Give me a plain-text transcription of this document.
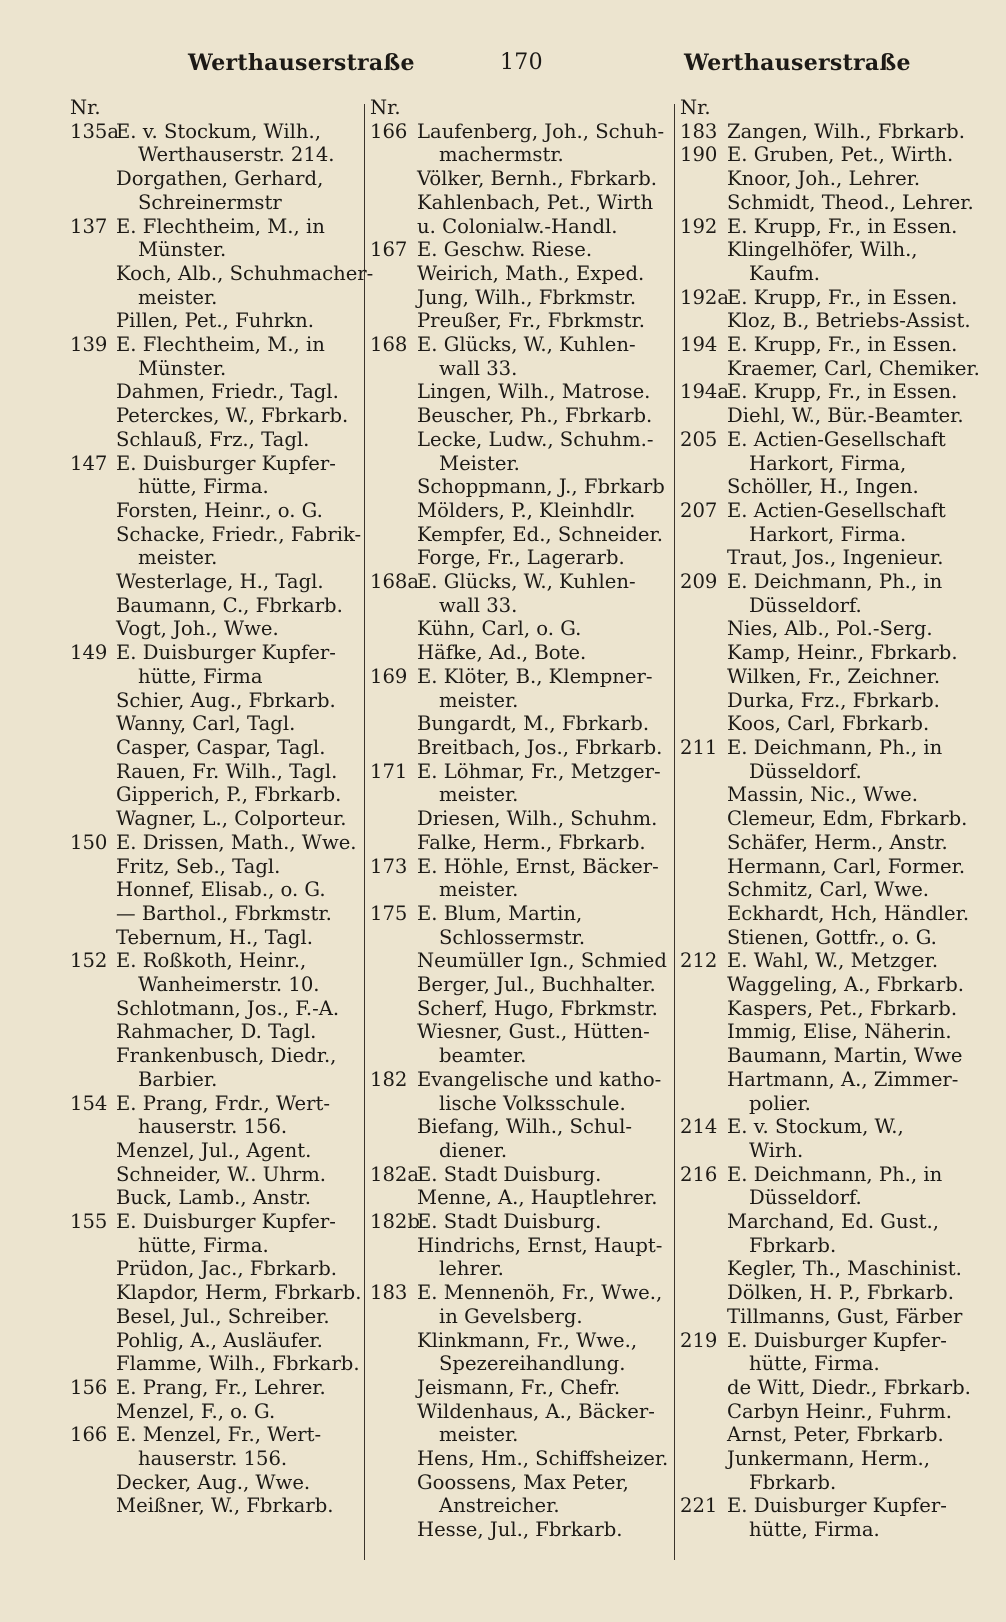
Werthauserstraße	170	Werthauserstraße
Nr.
135a
E. v. Stockum, Wilh.,
Werthauserstr. 214.
Dorgathen, Gerhard,
Schreinermstr
137 E. Flechtheim, M., in
Münster.
Koch, Alb., Schuhmacher-
meister.
Pillen, Pet., Fuhrkn.
139 E. Flechtheim, M., in
Münster.
Dahmen, Friedr., Tagl.
Peterckes, W., Fbrkarb.
Schlauß, Frz., Tagl.
147 E. Duisburger Kupfer-
hütte, Firma.
Forsten, Heinr., o. G.
Schacke, Friedr., Fabrik-
meister.
Westerlage, H., Tagl.
Baumann, C., Fbrkarb.
Vogt, Joh., Wwe.
149 E. Duisburger Kupfer-
hütte, Firma
Schier, Aug., Fbrkarb.
Wanny, Carl, Tagl.
Casper, Caspar, Tagl.
Rauen, Fr. Wilh., Tagl.
Gipperich, P., Fbrkarb.
Wagner, L., Colporteur.
150 E. Drissen, Math., Wwe.
Fritz, Seb., Tagl.
Honnef, Elisab., o. G.
— Barthol., Fbrkmstr.
Tebernum, H., Tagl.
152 E. Roßkoth, Heinr.,
Wanheimerstr. 10.
Schlotmann, Jos., F.-A.
Rahmacher, D. Tagl.
Frankenbusch, Diedr.,
Barbier.
154 E. Prang, Frdr., Wert-
hauserstr. 156.
Menzel, Jul., Agent.
Schneider, W.. Uhrm.
Buck, Lamb., Anstr.
155 E. Duisburger Kupfer-
hütte, Firma.
Prüdon, Jac., Fbrkarb.
Klapdor, Herm, Fbrkarb.
Besel, Jul., Schreiber.
Pohlig, A., Ausläufer.
Flamme, Wilh., Fbrkarb.
156 E. Prang, Fr., Lehrer.
Menzel, F., o. G.
166 E. Menzel, Fr., Wert-
hauserstr. 156.
Decker, Aug., Wwe.
Meißner, W., Fbrkarb.
Nr.
166 Laufenberg, Joh., Schuh-
machermstr.
Völker, Bernh., Fbrkarb.
Kahlenbach, Pet., Wirth
u. Colonialw.-Handl.
167 E. Geschw. Riese.
Weirich, Math., Exped.
Jung, Wilh., Fbrkmstr.
Preußer, Fr., Fbrkmstr.
168 E. Glücks, W., Kuhlen-
wall 33.
Lingen, Wilh., Matrose.
Beuscher, Ph., Fbrkarb.
Lecke, Ludw., Schuhm.-
Meister.
Schoppmann, J., Fbrkarb
Mölders, P., Kleinhdlr.
Kempfer, Ed., Schneider.
Forge, Fr., Lagerarb.
168a
E. Glücks, W., Kuhlen-
wall 33.
Kühn, Carl, o. G.
Häfke, Ad., Bote.
169 E. Klöter, B., Klempner-
meister.
Bungardt, M., Fbrkarb.
Breitbach, Jos., Fbrkarb.
171 E. Löhmar, Fr., Metzger-
meister.
Driesen, Wilh., Schuhm.
Falke, Herm., Fbrkarb.
173 E. Höhle, Ernst, Bäcker-
meister.
175 E. Blum, Martin,
Schlossermstr.
Neumüller Ign., Schmied
Berger, Jul., Buchhalter.
Scherf, Hugo, Fbrkmstr.
Wiesner, Gust., Hütten-
beamter.
182 Evangelische und katho-
lische Volksschule.
Biefang, Wilh., Schul-
diener.
182a
E. Stadt Duisburg.
Menne, A., Hauptlehrer.
182b
E. Stadt Duisburg.
Hindrichs, Ernst, Haupt-
lehrer.
183 E. Mennenöh, Fr., Wwe.,
in Gevelsberg.
Klinkmann, Fr., Wwe.,
Spezereihandlung.
Jeismann, Fr., Chefr.
Wildenhaus, A., Bäcker-
meister.
Hens, Hm., Schiffsheizer.
Goossens, Max Peter,
Anstreicher.
Hesse, Jul., Fbrkarb.
Nr.
183 Zangen, Wilh., Fbrkarb.
190 E. Gruben, Pet., Wirth.
Knoor, Joh., Lehrer.
Schmidt, Theod., Lehrer.
192 E. Krupp, Fr., in Essen.
Klingelhöfer, Wilh.,
Kaufm.
192a
E. Krupp, Fr., in Essen.
Kloz, B., Betriebs-Assist.
194 E. Krupp, Fr., in Essen.
Kraemer, Carl, Chemiker.
194a
E. Krupp, Fr., in Essen.
Diehl, W., Bür.-Beamter.
205 E. Actien-Gesellschaft
Harkort, Firma,
Schöller, H., Ingen.
207 E. Actien-Gesellschaft
Harkort, Firma.
Traut, Jos., Ingenieur.
209 E. Deichmann, Ph., in
Düsseldorf.
Nies, Alb., Pol.-Serg.
Kamp, Heinr., Fbrkarb.
Wilken, Fr., Zeichner.
Durka, Frz., Fbrkarb.
Koos, Carl, Fbrkarb.
211 E. Deichmann, Ph., in
Düsseldorf.
Massin, Nic., Wwe.
Clemeur, Edm, Fbrkarb.
Schäfer, Herm., Anstr.
Hermann, Carl, Former.
Schmitz, Carl, Wwe.
Eckhardt, Hch, Händler.
Stienen, Gottfr., o. G.
212 E. Wahl, W., Metzger.
Waggeling, A., Fbrkarb.
Kaspers, Pet., Fbrkarb.
Immig, Elise, Näherin.
Baumann, Martin, Wwe
Hartmann, A., Zimmer-
polier.
214 E. v. Stockum, W.,
Wirh.
216 E. Deichmann, Ph., in
Düsseldorf.
Marchand, Ed. Gust.,
Fbrkarb.
Kegler, Th., Maschinist.
Dölken, H. P., Fbrkarb.
Tillmanns, Gust, Färber
219 E. Duisburger Kupfer-
hütte, Firma.
de Witt, Diedr., Fbrkarb.
Carbyn Heinr., Fuhrm.
Arnst, Peter, Fbrkarb.
Junkermann, Herm.,
Fbrkarb.
221 E. Duisburger Kupfer-
hütte, Firma.
